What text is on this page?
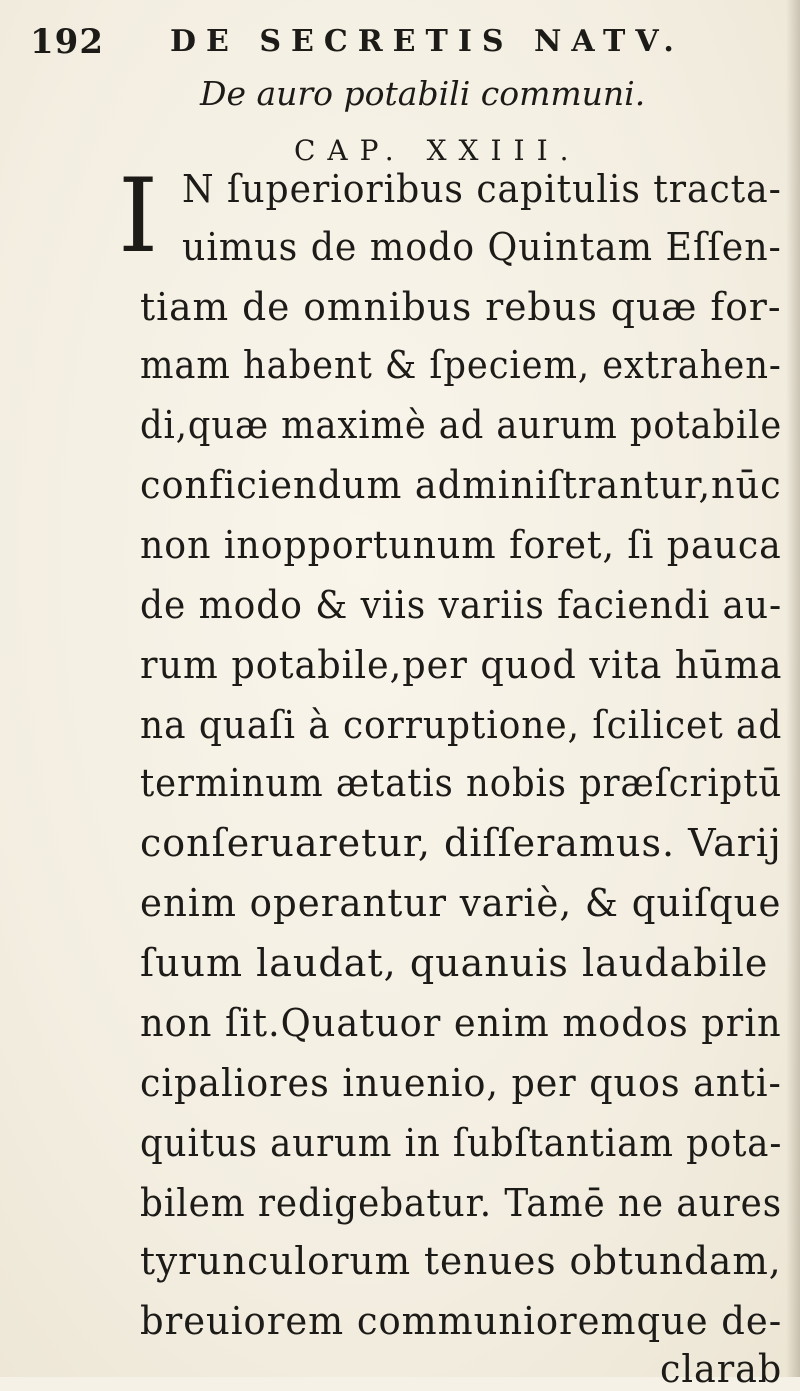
192 DE SECRETIS NATV.
De auro potabili communi.
CAP. XXIII.
I N ſuperioribus capitulis tracta-
uimus de modo Quintam Eſſen-
tiam de omnibus rebus quæ for-
mam habent & ſpeciem, extrahen-
di,quæ maximè ad aurum potabile
conficiendum adminiſtrantur,nūc
non inopportunum foret, ſi pauca
de modo & viis variis faciendi au-
rum potabile,per quod vita hūma
na quaſi à corruptione, ſcilicet ad
terminum ætatis nobis præſcriptū
conſeruaretur, diſſeramus. Varij
enim operantur variè, & quiſque
ſuum laudat, quanuis laudabile
non ſit.Quatuor enim modos prin
cipaliores inuenio, per quos anti-
quitus aurum in ſubſtantiam pota-
bilem redigebatur. Tamē ne aures
tyrunculorum tenues obtundam,
breuiorem communioremque de-
clarab
